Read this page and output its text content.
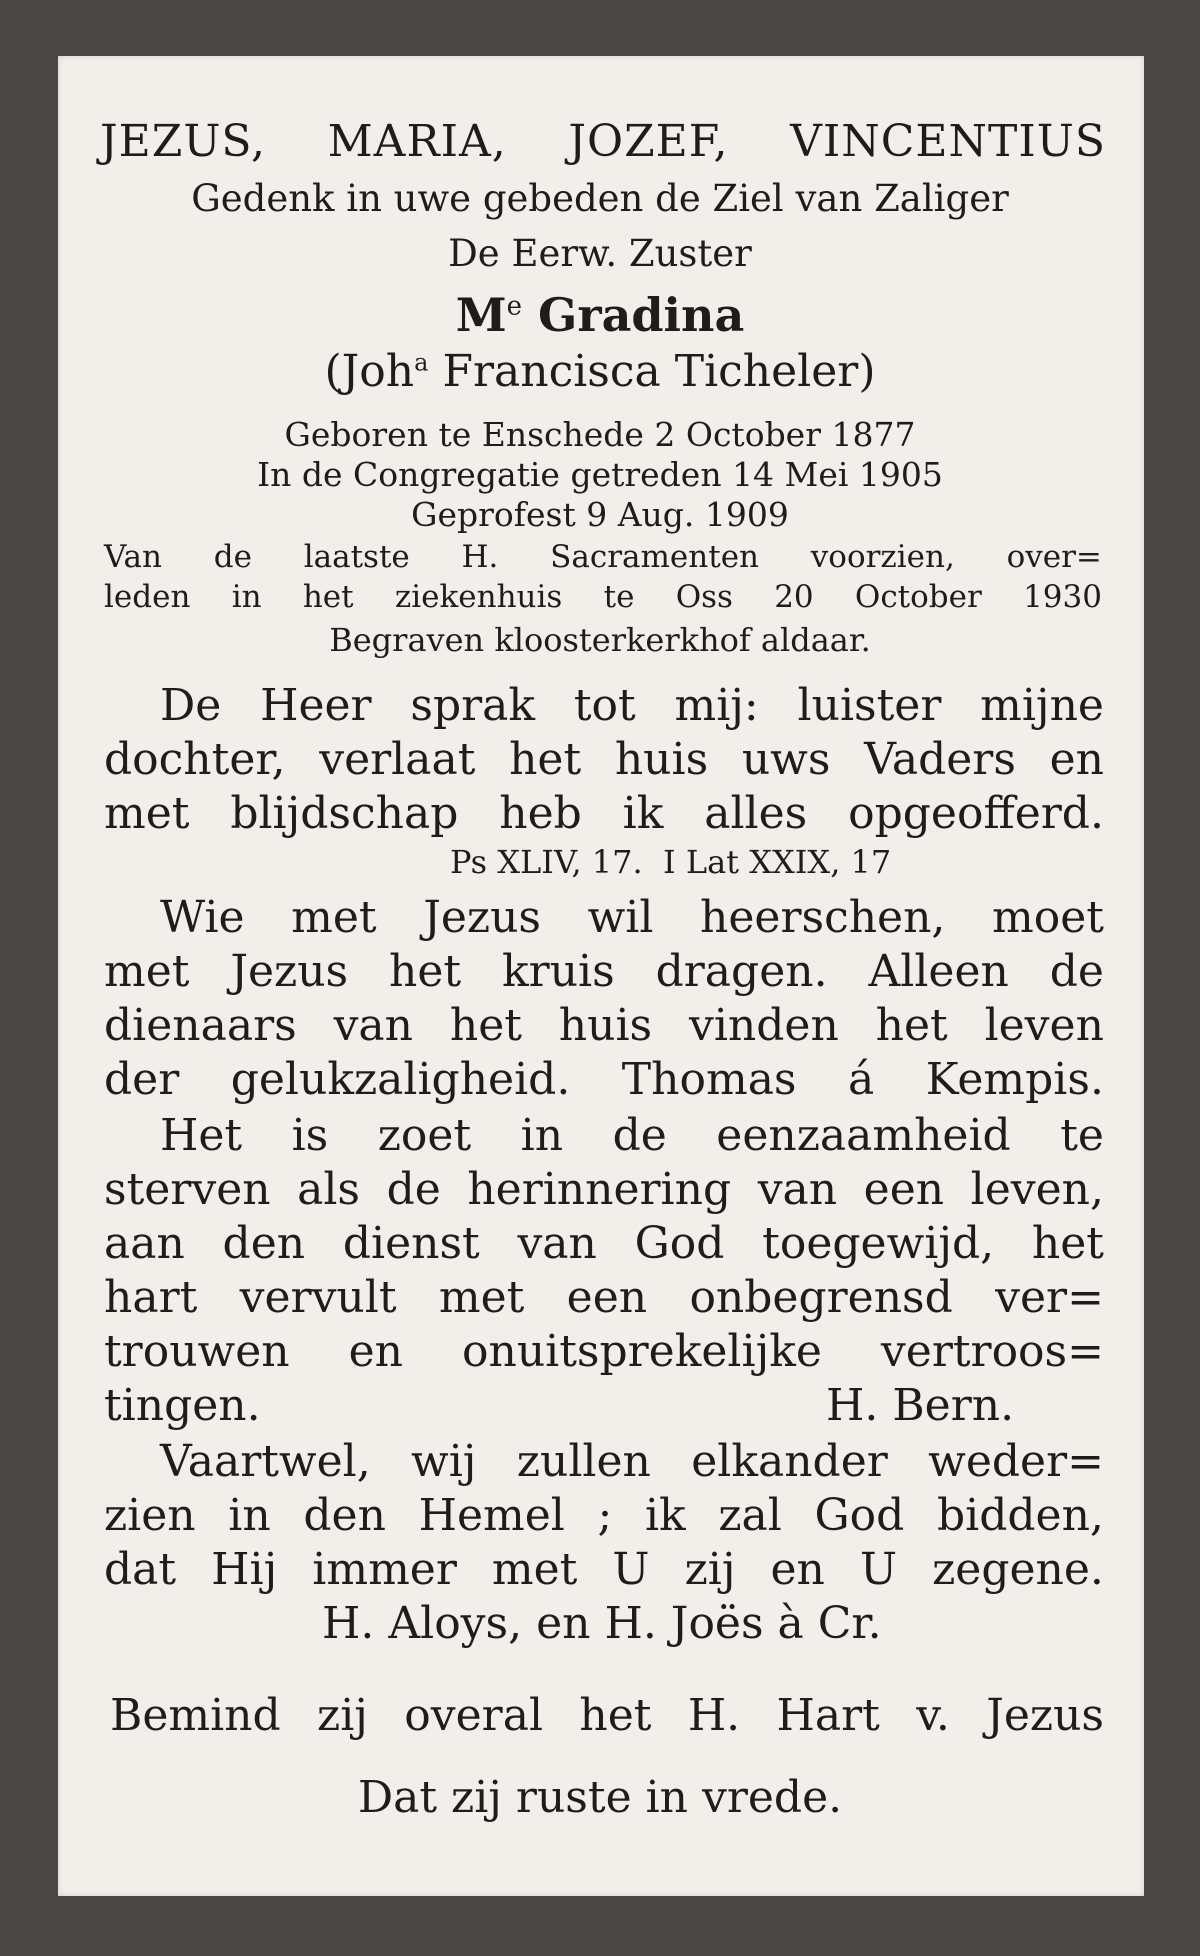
JEZUS, MARIA, JOZEF, VINCENTIUS
Gedenk in uwe gebeden de Ziel van Zaliger
De Eerw. Zuster
Me Gradina
(Joh$^a$ Francisca Ticheler)
Geboren te Enschede 2 October 1877
In de Congregatie getreden 14 Mei 1905
Geprofest 9 Aug. 1909
Van de laatste H. Sacramenten voorzien, over=
leden in het ziekenhuis te Oss 20 October 1930
Begraven kloosterkerkhof aldaar.
De Heer sprak tot mij: luister mijne
dochter, verlaat het huis uws Vaders en
met blijdschap heb ik alles opgeofferd.
Ps XLIV, 17.  I Lat XXIX, 17
Wie met Jezus wil heerschen, moet
met Jezus het kruis dragen. Alleen de
dienaars van het huis vinden het leven
der gelukzaligheid. Thomas á Kempis.
Het is zoet in de eenzaamheid te
sterven als de herinnering van een leven,
aan den dienst van God toegewijd, het
hart vervult met een onbegrensd ver=
trouwen en onuitsprekelijke vertroos=
tingen.	H. Bern.
Vaartwel, wij zullen elkander weder=
zien in den Hemel ; ik zal God bidden,
dat Hij immer met U zij en U zegene.
H. Aloys, en H. Joës à Cr.
Bemind zij overal het H. Hart v. Jezus
Dat zij ruste in vrede.
